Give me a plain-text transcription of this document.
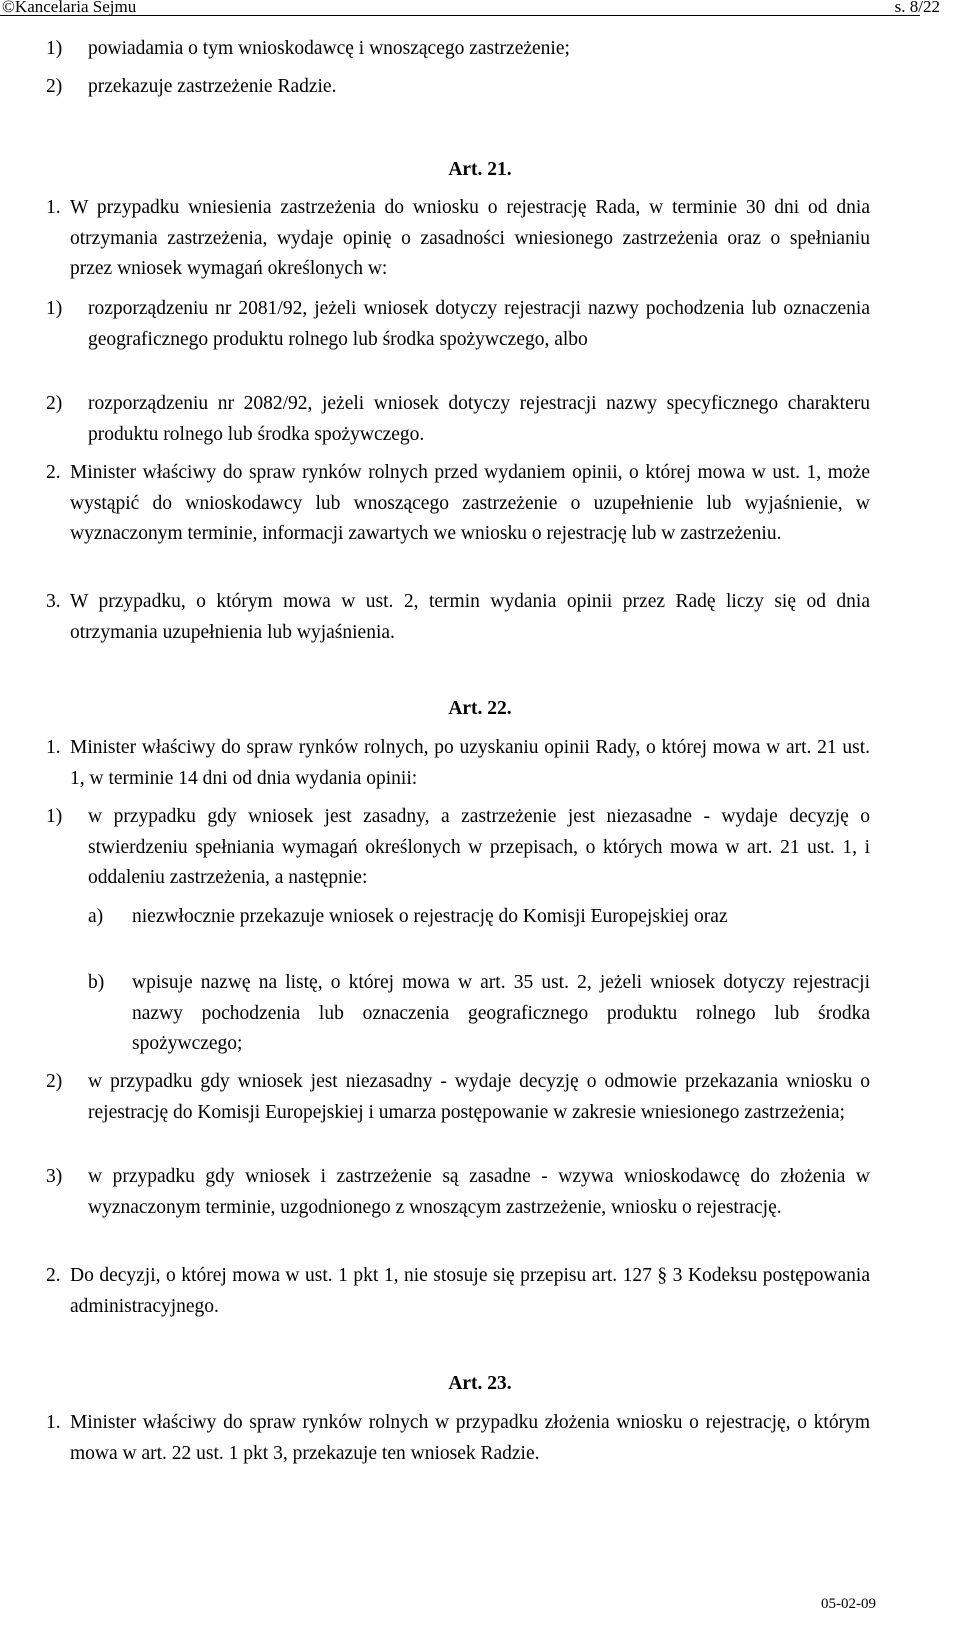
©Kancelaria Sejmu	s. 8/22
1) powiadamia o tym wnioskodawcę i wnoszącego zastrzeżenie;
2) przekazuje zastrzeżenie Radzie.
Art. 21.
1. W przypadku wniesienia zastrzeżenia do wniosku o rejestrację Rada, w terminie 30 dni od dnia otrzymania zastrzeżenia, wydaje opinię o zasadności wniesionego zastrzeżenia oraz o spełnianiu przez wniosek wymagań określonych w:
1) rozporządzeniu nr 2081/92, jeżeli wniosek dotyczy rejestracji nazwy pochodzenia lub oznaczenia geograficznego produktu rolnego lub środka spożywczego, albo
2) rozporządzeniu nr 2082/92, jeżeli wniosek dotyczy rejestracji nazwy specyficznego charakteru produktu rolnego lub środka spożywczego.
2. Minister właściwy do spraw rynków rolnych przed wydaniem opinii, o której mowa w ust. 1, może wystąpić do wnioskodawcy lub wnoszącego zastrzeżenie o uzupełnienie lub wyjaśnienie, w wyznaczonym terminie, informacji zawartych we wniosku o rejestrację lub w zastrzeżeniu.
3. W przypadku, o którym mowa w ust. 2, termin wydania opinii przez Radę liczy się od dnia otrzymania uzupełnienia lub wyjaśnienia.
Art. 22.
1. Minister właściwy do spraw rynków rolnych, po uzyskaniu opinii Rady, o której mowa w art. 21 ust. 1, w terminie 14 dni od dnia wydania opinii:
1) w przypadku gdy wniosek jest zasadny, a zastrzeżenie jest niezasadne - wydaje decyzję o stwierdzeniu spełniania wymagań określonych w przepisach, o których mowa w art. 21 ust. 1, i oddaleniu zastrzeżenia, a następnie:
a) niezwłocznie przekazuje wniosek o rejestrację do Komisji Europejskiej oraz
b) wpisuje nazwę na listę, o której mowa w art. 35 ust. 2, jeżeli wniosek dotyczy rejestracji nazwy pochodzenia lub oznaczenia geograficznego produktu rolnego lub środka spożywczego;
2) w przypadku gdy wniosek jest niezasadny - wydaje decyzję o odmowie przekazania wniosku o rejestrację do Komisji Europejskiej i umarza postępowanie w zakresie wniesionego zastrzeżenia;
3) w przypadku gdy wniosek i zastrzeżenie są zasadne - wzywa wnioskodawcę do złożenia w wyznaczonym terminie, uzgodnionego z wnoszącym zastrzeżenie, wniosku o rejestrację.
2. Do decyzji, o której mowa w ust. 1 pkt 1, nie stosuje się przepisu art. 127 § 3 Kodeksu postępowania administracyjnego.
Art. 23.
1. Minister właściwy do spraw rynków rolnych w przypadku złożenia wniosku o rejestrację, o którym mowa w art. 22 ust. 1 pkt 3, przekazuje ten wniosek Radzie.
05-02-09
